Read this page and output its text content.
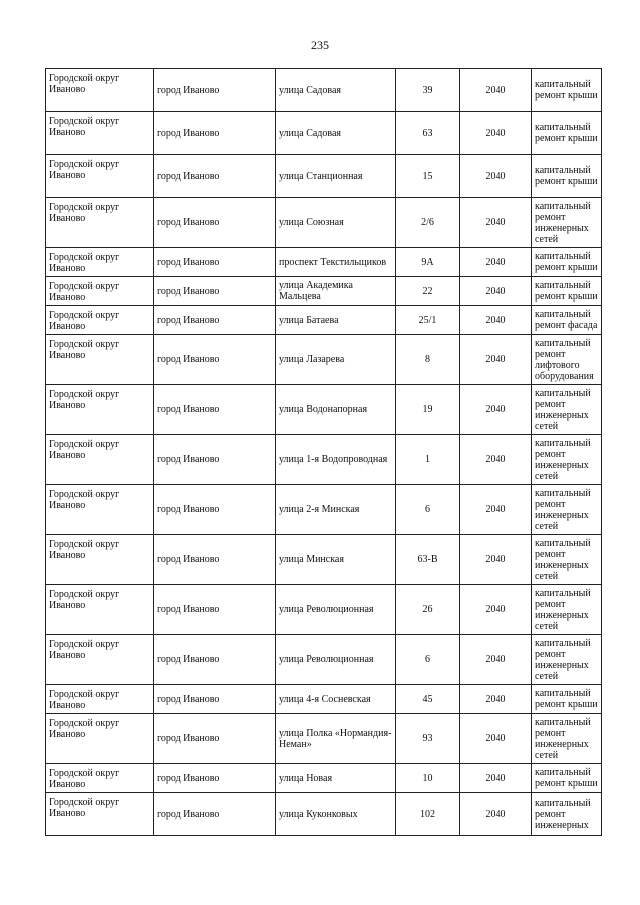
235
Городской округ Иваново	город Иваново	улица Садовая	39	2040	капитальный ремонт крыши
Городской округ Иваново	город Иваново	улица Садовая	63	2040	капитальный ремонт крыши
Городской округ Иваново	город Иваново	улица Станционная	15	2040	капитальный ремонт крыши
Городской округ Иваново	город Иваново	улица Союзная	2/6	2040	капитальный ремонт инженерных сетей
Городской округ Иваново	город Иваново	проспект Текстильщиков	9А	2040	капитальный ремонт крыши
Городской округ Иваново	город Иваново	улица Академика Мальцева	22	2040	капитальный ремонт крыши
Городской округ Иваново	город Иваново	улица Батаева	25/1	2040	капитальный ремонт фасада
Городской округ Иваново	город Иваново	улица Лазарева	8	2040	капитальный ремонт лифтового оборудования
Городской округ Иваново	город Иваново	улица Водонапорная	19	2040	капитальный ремонт инженерных сетей
Городской округ Иваново	город Иваново	улица 1-я Водопроводная	1	2040	капитальный ремонт инженерных сетей
Городской округ Иваново	город Иваново	улица 2-я Минская	6	2040	капитальный ремонт инженерных сетей
Городской округ Иваново	город Иваново	улица Минская	63-В	2040	капитальный ремонт инженерных сетей
Городской округ Иваново	город Иваново	улица Революционная	26	2040	капитальный ремонт инженерных сетей
Городской округ Иваново	город Иваново	улица Революционная	6	2040	капитальный ремонт инженерных сетей
Городской округ Иваново	город Иваново	улица 4-я Сосневская	45	2040	капитальный ремонт крыши
Городской округ Иваново	город Иваново	улица Полка «Нормандия-Неман»	93	2040	капитальный ремонт инженерных сетей
Городской округ Иваново	город Иваново	улица Новая	10	2040	капитальный ремонт крыши
Городской округ Иваново	город Иваново	улица Куконковых	102	2040	капитальный ремонт инженерных
